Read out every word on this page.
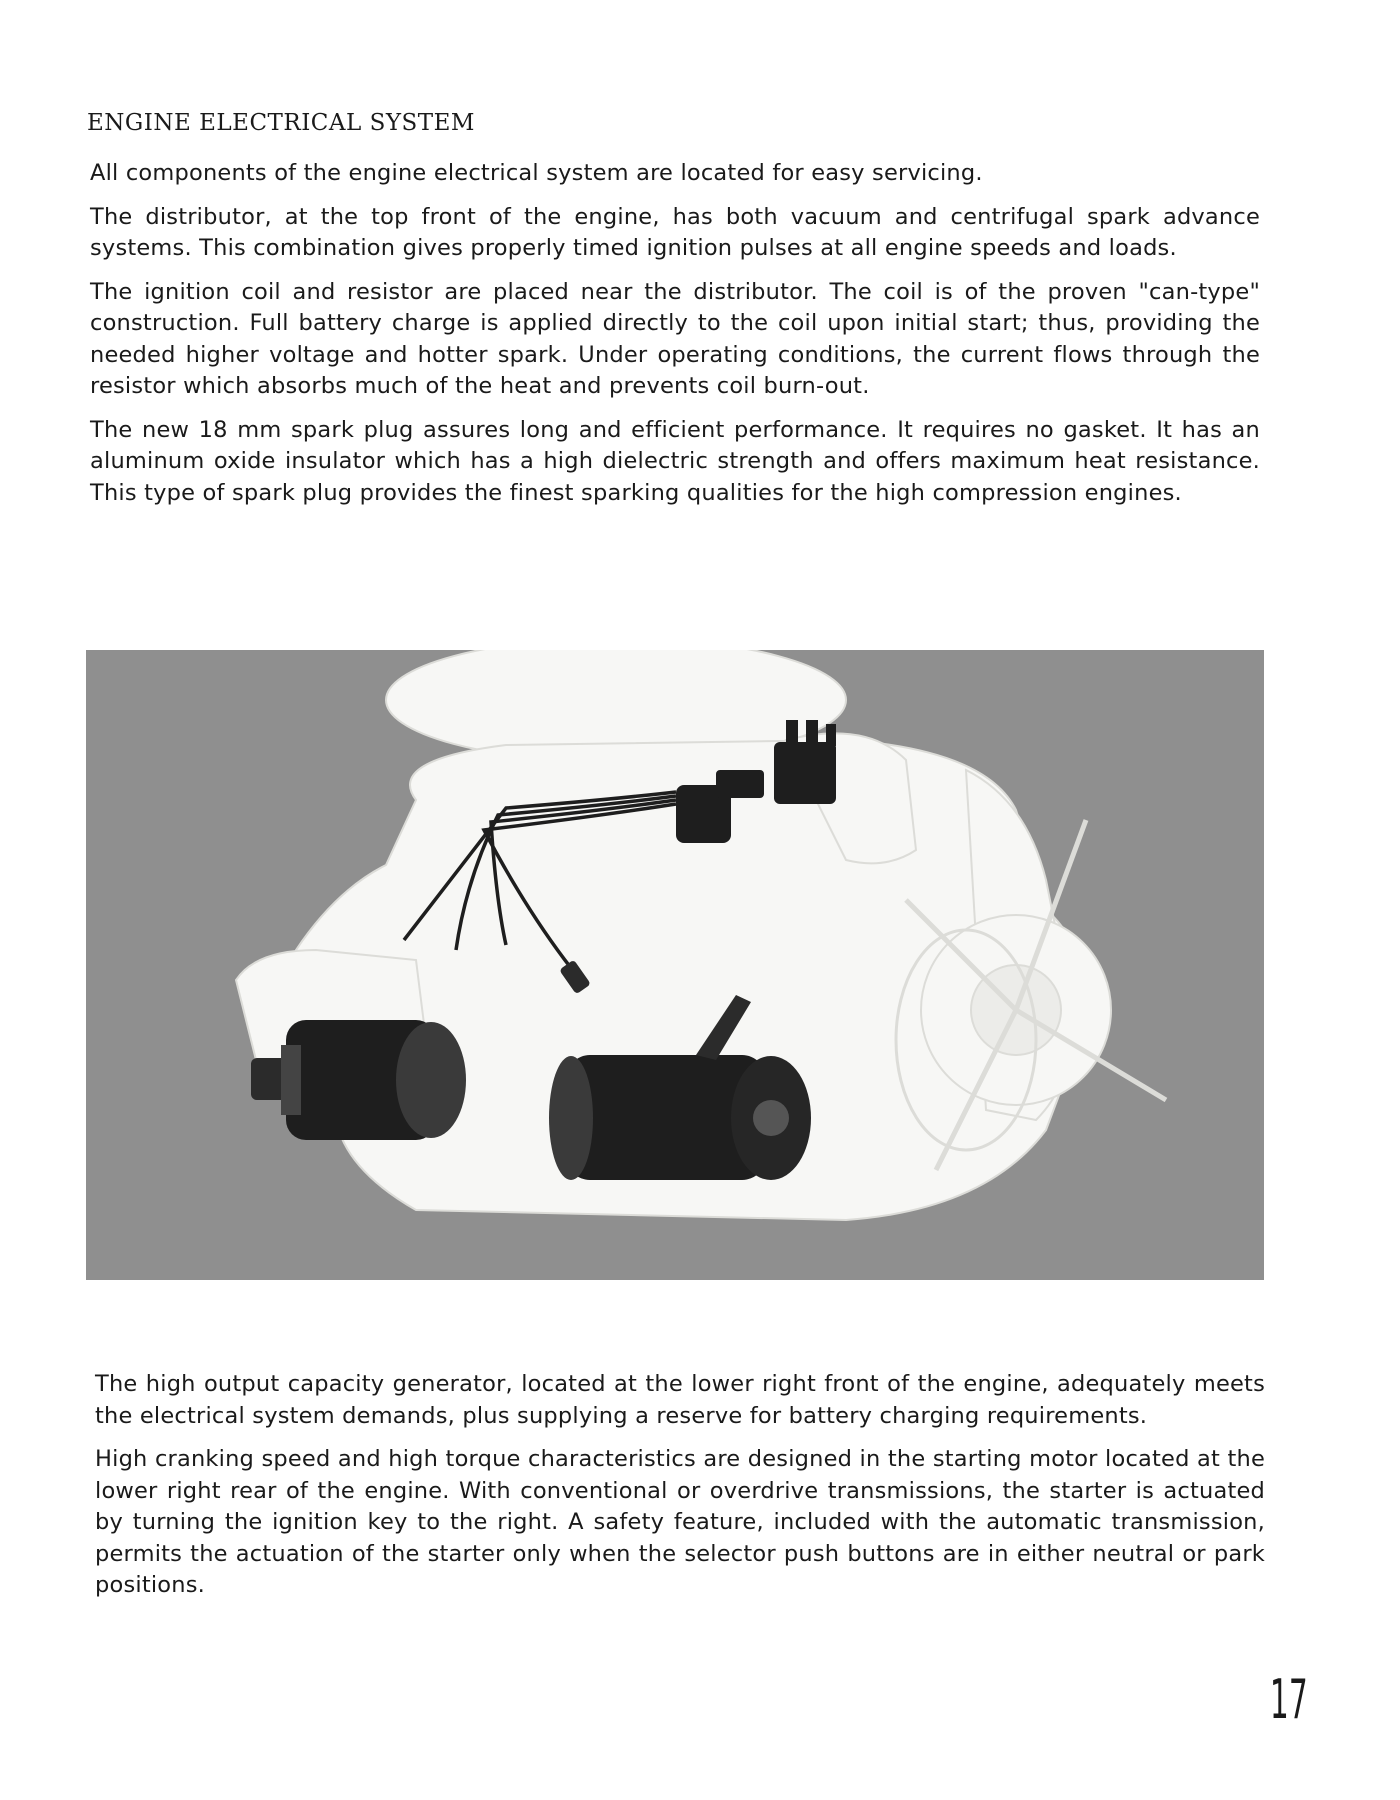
ENGINE ELECTRICAL SYSTEM

All components of the engine electrical system are located for easy servicing.

The distributor, at the top front of the engine, has both vacuum and centrifugal spark advance systems. This combination gives properly timed ignition pulses at all engine speeds and loads.

The ignition coil and resistor are placed near the distributor. The coil is of the proven "can-type" construction. Full battery charge is applied directly to the coil upon initial start; thus, providing the needed higher voltage and hotter spark. Under operating conditions, the current flows through the resistor which absorbs much of the heat and prevents coil burn-out.

The new 18 mm spark plug assures long and efficient performance. It requires no gasket. It has an aluminum oxide insulator which has a high dielectric strength and offers maximum heat resistance. This type of spark plug provides the finest sparking qualities for the high compression engines.

The high output capacity generator, located at the lower right front of the engine, adequately meets the electrical system demands, plus supplying a reserve for battery charging requirements.

High cranking speed and high torque characteristics are designed in the starting motor located at the lower right rear of the engine. With conventional or overdrive transmissions, the starter is actuated by turning the ignition key to the right. A safety feature, included with the automatic transmission, permits the actuation of the starter only when the selector push buttons are in either neutral or park positions.

17
